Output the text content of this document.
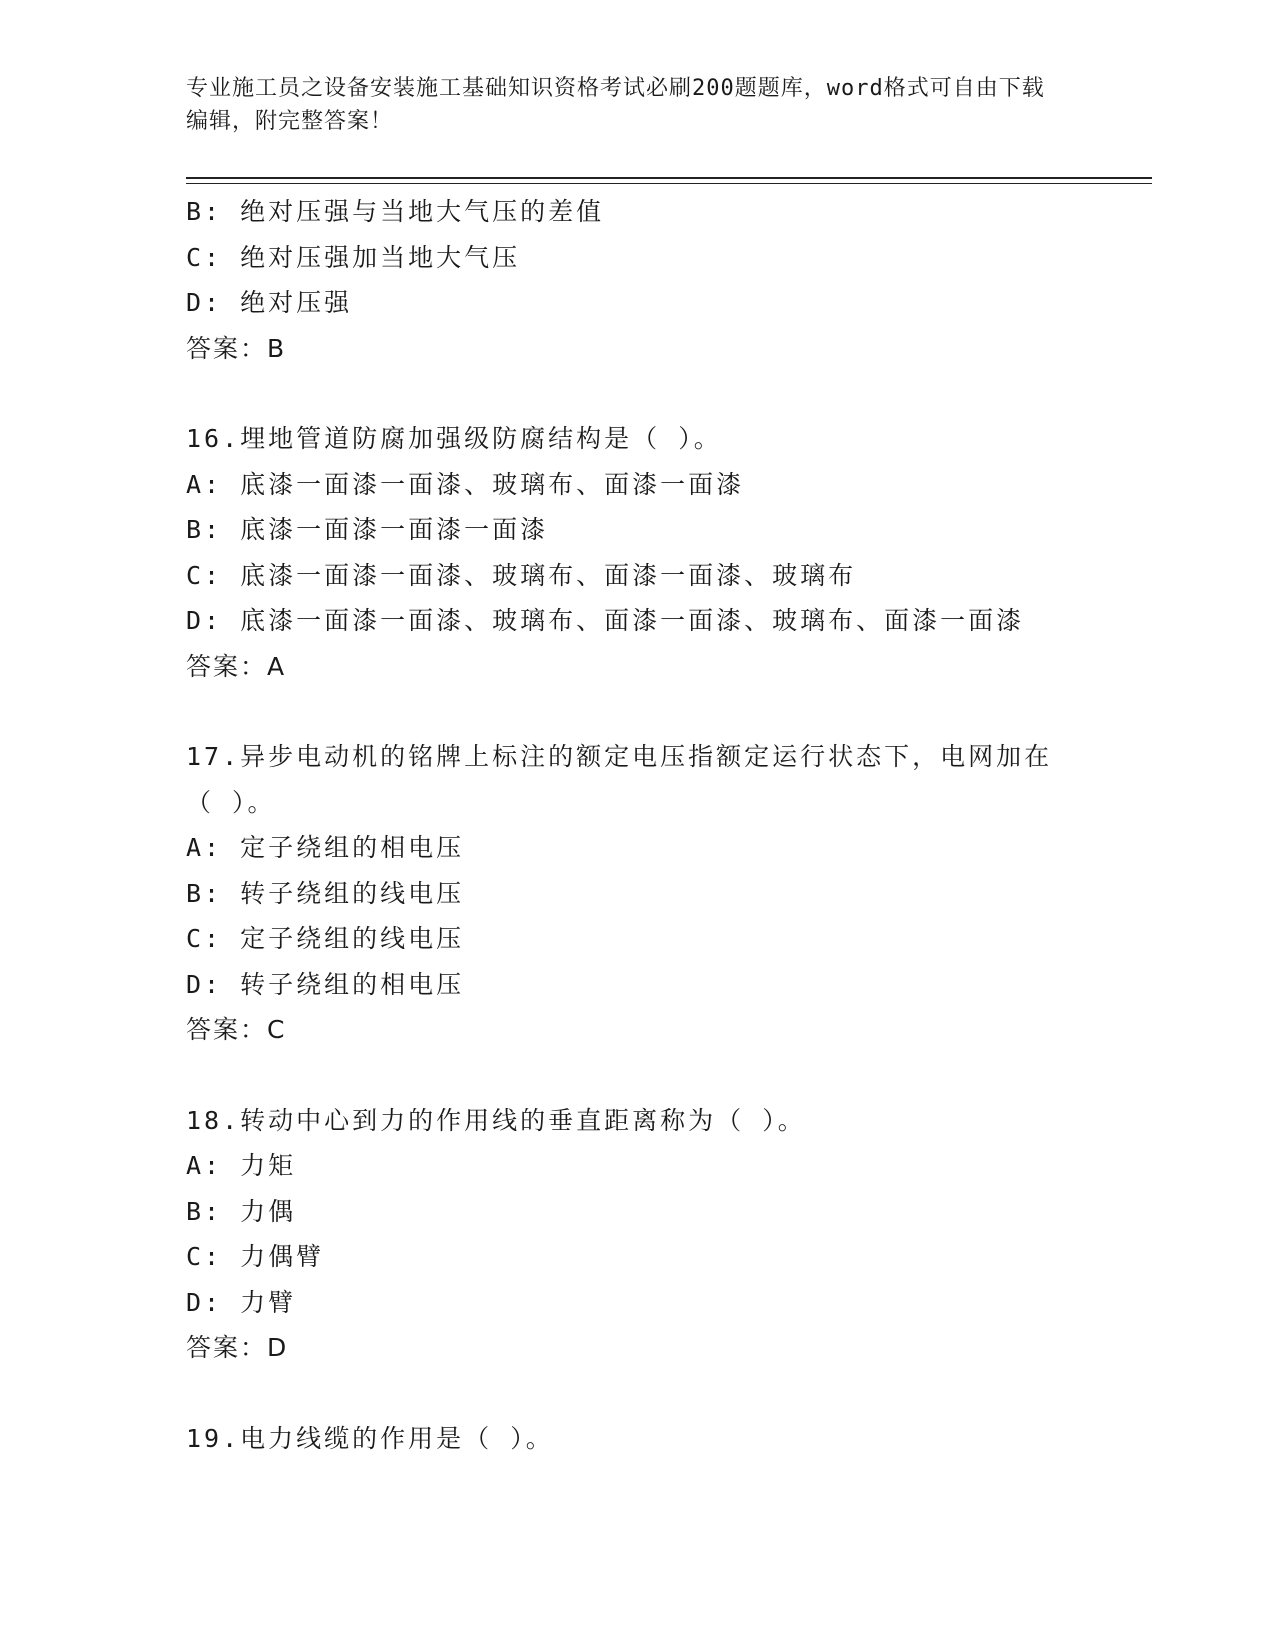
专业施工员之设备安装施工基础知识资格考试必刷200题题库，word格式可自由下载编辑，附完整答案！
B: 绝对压强与当地大气压的差值
C: 绝对压强加当地大气压
D: 绝对压强
答案：B
16.埋地管道防腐加强级防腐结构是（ ）。
A: 底漆一面漆一面漆、玻璃布、面漆一面漆
B: 底漆一面漆一面漆一面漆
C: 底漆一面漆一面漆、玻璃布、面漆一面漆、玻璃布
D: 底漆一面漆一面漆、玻璃布、面漆一面漆、玻璃布、面漆一面漆
答案：A
17.异步电动机的铭牌上标注的额定电压指额定运行状态下，电网加在（ ）。
A: 定子绕组的相电压
B: 转子绕组的线电压
C: 定子绕组的线电压
D: 转子绕组的相电压
答案：C
18.转动中心到力的作用线的垂直距离称为（ ）。
A: 力矩
B: 力偶
C: 力偶臂
D: 力臂
答案：D
19.电力线缆的作用是（ ）。
